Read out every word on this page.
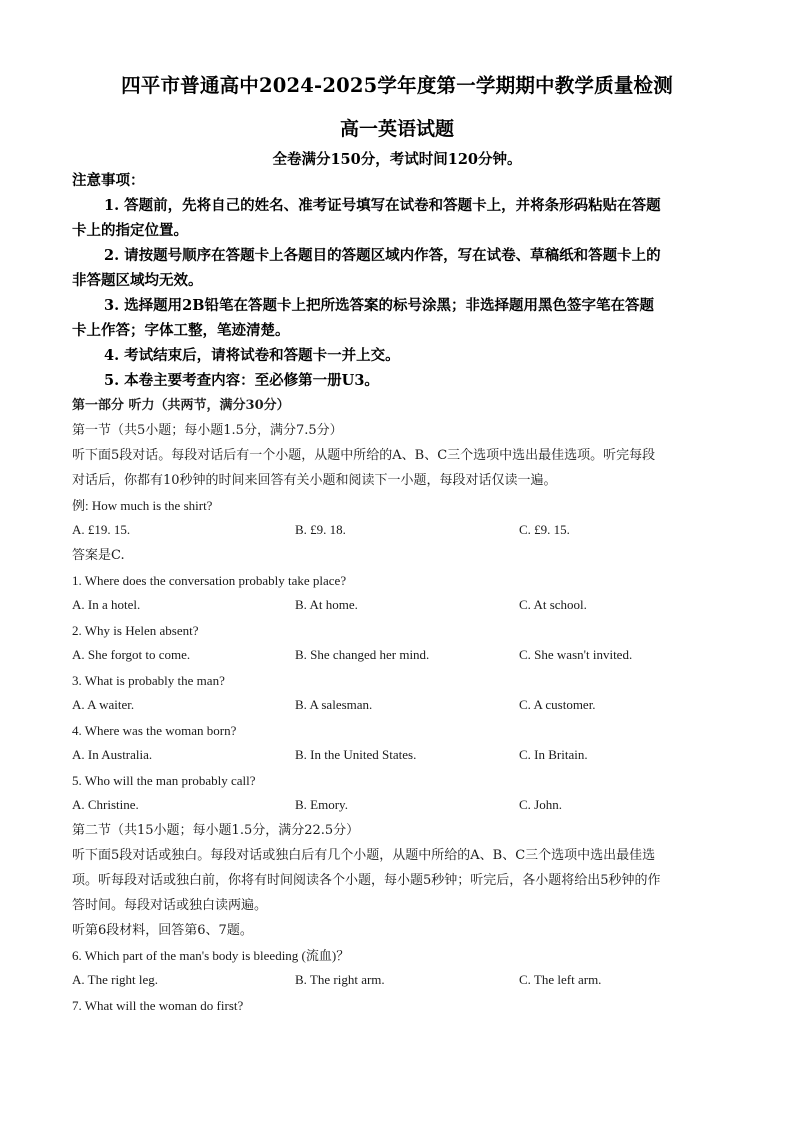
四平市普通高中2024-2025学年度第一学期期中教学质量检测
高一英语试题
全卷满分150分，考试时间120分钟。
注意事项：
1. 答题前，先将自己的姓名、准考证号填写在试卷和答题卡上，并将条形码粘贴在答题
卡上的指定位置。
2. 请按题号顺序在答题卡上各题目的答题区域内作答，写在试卷、草稿纸和答题卡上的
非答题区域均无效。
3. 选择题用2B铅笔在答题卡上把所选答案的标号涂黑；非选择题用黑色签字笔在答题
卡上作答；字体工整，笔迹清楚。
4. 考试结束后，请将试卷和答题卡一并上交。
5. 本卷主要考查内容：至必修第一册U3。
第一部分 听力（共两节，满分30分）
第一节（共5小题；每小题1.5分，满分7.5分）
听下面5段对话。每段对话后有一个小题，从题中所给的A、B、C三个选项中选出最佳选项。听完每段
对话后，你都有10秒钟的时间来回答有关小题和阅读下一小题，每段对话仅读一遍。
例: How much is the shirt?
A. £19. 15.	B. £9. 18.	C. £9. 15.
答案是C.
1. Where does the conversation probably take place?
A. In a hotel.	B. At home.	C. At school.
2. Why is Helen absent?
A. She forgot to come.	B. She changed her mind.	C. She wasn't invited.
3. What is probably the man?
A. A waiter.	B. A salesman.	C. A customer.
4. Where was the woman born?
A. In Australia.	B. In the United States.	C. In Britain.
5. Who will the man probably call?
A. Christine.	B. Emory.	C. John.
第二节（共15小题；每小题1.5分，满分22.5分）
听下面5段对话或独白。每段对话或独白后有几个小题，从题中所给的A、B、C三个选项中选出最佳选
项。听每段对话或独白前，你将有时间阅读各个小题，每小题5秒钟；听完后，各小题将给出5秒钟的作
答时间。每段对话或独白读两遍。
听第6段材料，回答第6、7题。
6. Which part of the man's body is bleeding (流血)？
A. The right leg.	B. The right arm.	C. The left arm.
7. What will the woman do first?
